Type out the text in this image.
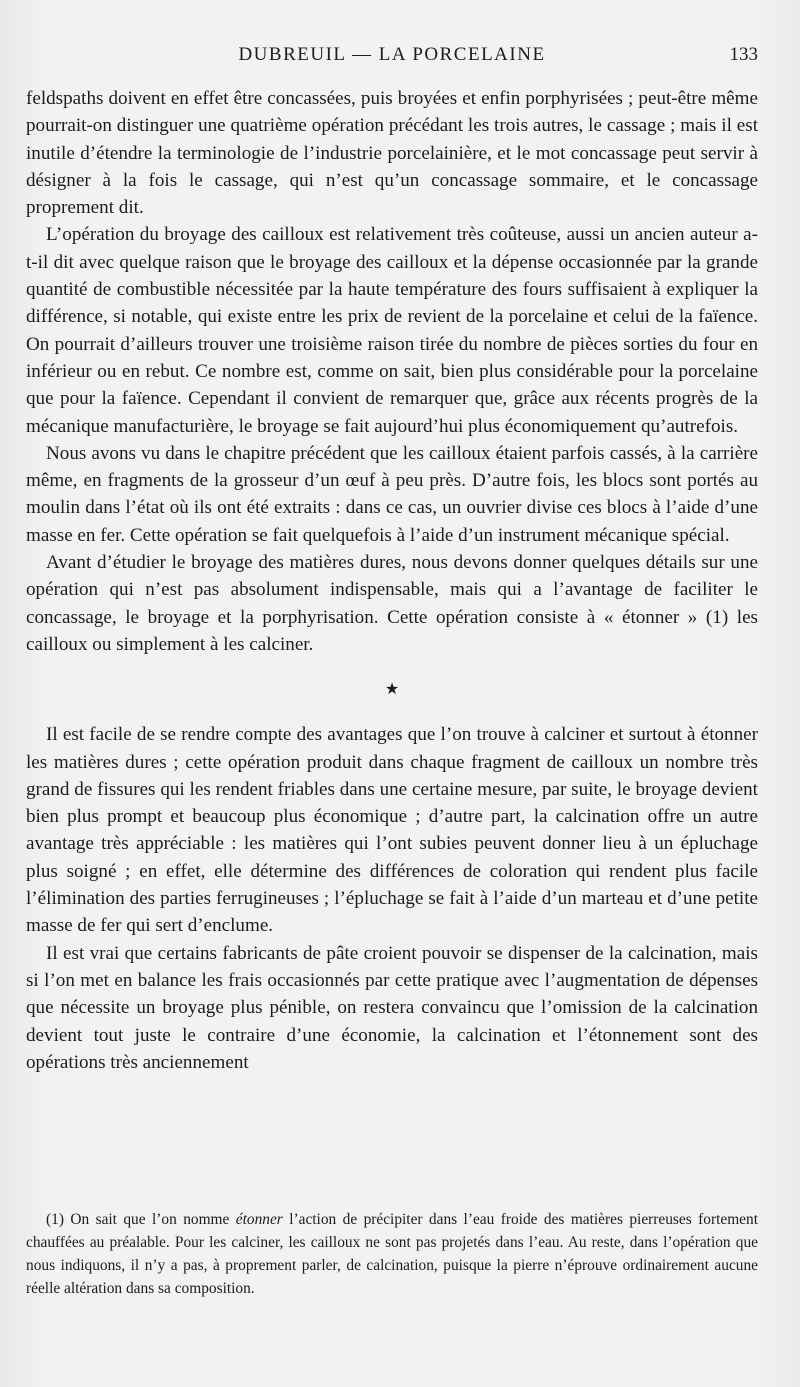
DUBREUIL — LA PORCELAINE	133

feldspaths doivent en effet être concassées, puis broyées et enfin porphyrisées ; peut-être même pourrait-on distinguer une quatrième opération précédant les trois autres, le cassage ; mais il est inutile d’étendre la terminologie de l’industrie porcelainière, et le mot concassage peut servir à désigner à la fois le cassage, qui n’est qu’un concassage sommaire, et le concassage proprement dit.

L’opération du broyage des cailloux est relativement très coûteuse, aussi un ancien auteur a-t-il dit avec quelque raison que le broyage des cailloux et la dépense occasionnée par la grande quantité de combustible nécessitée par la haute température des fours suffisaient à expliquer la différence, si notable, qui existe entre les prix de revient de la porcelaine et celui de la faïence. On pourrait d’ailleurs trouver une troisième raison tirée du nombre de pièces sorties du four en inférieur ou en rebut. Ce nombre est, comme on sait, bien plus considérable pour la porcelaine que pour la faïence. Cependant il convient de remarquer que, grâce aux récents progrès de la mécanique manufacturière, le broyage se fait aujourd’hui plus économiquement qu’autrefois.

Nous avons vu dans le chapitre précédent que les cailloux étaient parfois cassés, à la carrière même, en fragments de la grosseur d’un œuf à peu près. D’autre fois, les blocs sont portés au moulin dans l’état où ils ont été extraits : dans ce cas, un ouvrier divise ces blocs à l’aide d’une masse en fer. Cette opération se fait quelquefois à l’aide d’un instrument mécanique spécial.

Avant d’étudier le broyage des matières dures, nous devons donner quelques détails sur une opération qui n’est pas absolument indispensable, mais qui a l’avantage de faciliter le concassage, le broyage et la porphyrisation. Cette opération consiste à « étonner » (1) les cailloux ou simplement à les calciner.

★

Il est facile de se rendre compte des avantages que l’on trouve à calciner et surtout à étonner les matières dures ; cette opération produit dans chaque fragment de cailloux un nombre très grand de fissures qui les rendent friables dans une certaine mesure, par suite, le broyage devient bien plus prompt et beaucoup plus économique ; d’autre part, la calcination offre un autre avantage très appréciable : les matières qui l’ont subies peuvent donner lieu à un épluchage plus soigné ; en effet, elle détermine des différences de coloration qui rendent plus facile l’élimination des parties ferrugineuses ; l’épluchage se fait à l’aide d’un marteau et d’une petite masse de fer qui sert d’enclume.

Il est vrai que certains fabricants de pâte croient pouvoir se dispenser de la calcination, mais si l’on met en balance les frais occasionnés par cette pratique avec l’augmentation de dépenses que nécessite un broyage plus pénible, on restera convaincu que l’omission de la calcination devient tout juste le contraire d’une économie, la calcination et l’étonnement sont des opérations très anciennement

(1) On sait que l’on nomme étonner l’action de précipiter dans l’eau froide des matières pierreuses fortement chauffées au préalable. Pour les calciner, les cailloux ne sont pas projetés dans l’eau. Au reste, dans l’opération que nous indiquons, il n’y a pas, à proprement parler, de calcination, puisque la pierre n’éprouve ordinairement aucune réelle altération dans sa composition.
